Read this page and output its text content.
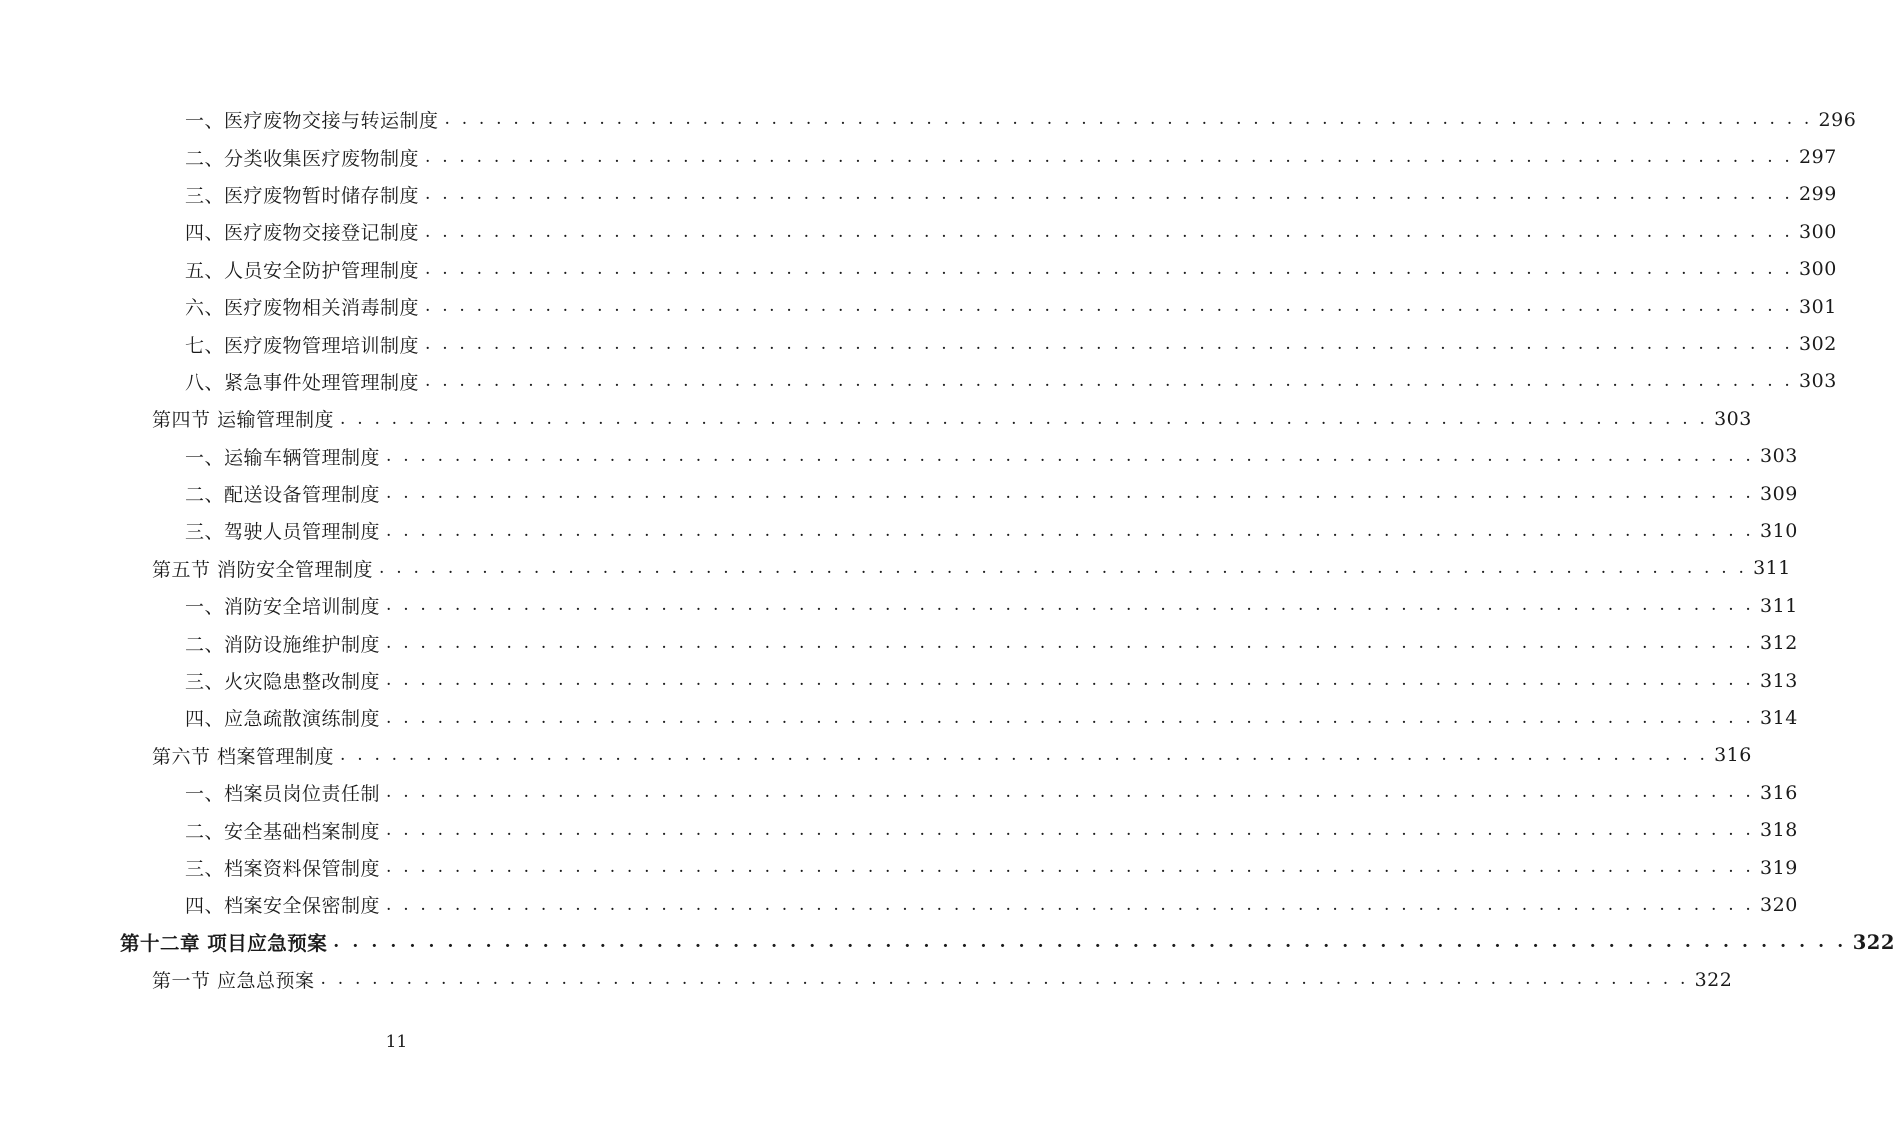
一、医疗废物交接与转运制度 . . . . . . . . . . . . . . . . . . . . . . . . . . . . . . . . . . . . . . . . . . . . . . . . . . . . . . . . . . . . . . . . . . . . . . . . . . . . . . . . 296
二、分类收集医疗废物制度 . . . . . . . . . . . . . . . . . . . . . . . . . . . . . . . . . . . . . . . . . . . . . . . . . . . . . . . . . . . . . . . . . . . . . . . . . . . . . . . . 297
三、医疗废物暂时储存制度 . . . . . . . . . . . . . . . . . . . . . . . . . . . . . . . . . . . . . . . . . . . . . . . . . . . . . . . . . . . . . . . . . . . . . . . . . . . . . . . . 299
四、医疗废物交接登记制度 . . . . . . . . . . . . . . . . . . . . . . . . . . . . . . . . . . . . . . . . . . . . . . . . . . . . . . . . . . . . . . . . . . . . . . . . . . . . . . . . 300
五、人员安全防护管理制度 . . . . . . . . . . . . . . . . . . . . . . . . . . . . . . . . . . . . . . . . . . . . . . . . . . . . . . . . . . . . . . . . . . . . . . . . . . . . . . . . 300
六、医疗废物相关消毒制度 . . . . . . . . . . . . . . . . . . . . . . . . . . . . . . . . . . . . . . . . . . . . . . . . . . . . . . . . . . . . . . . . . . . . . . . . . . . . . . . . 301
七、医疗废物管理培训制度 . . . . . . . . . . . . . . . . . . . . . . . . . . . . . . . . . . . . . . . . . . . . . . . . . . . . . . . . . . . . . . . . . . . . . . . . . . . . . . . . 302
八、紧急事件处理管理制度 . . . . . . . . . . . . . . . . . . . . . . . . . . . . . . . . . . . . . . . . . . . . . . . . . . . . . . . . . . . . . . . . . . . . . . . . . . . . . . . . 303
第四节 运输管理制度 . . . . . . . . . . . . . . . . . . . . . . . . . . . . . . . . . . . . . . . . . . . . . . . . . . . . . . . . . . . . . . . . . . . . . . . . . . . . . . . . 303
一、运输车辆管理制度 . . . . . . . . . . . . . . . . . . . . . . . . . . . . . . . . . . . . . . . . . . . . . . . . . . . . . . . . . . . . . . . . . . . . . . . . . . . . . . . . 303
二、配送设备管理制度 . . . . . . . . . . . . . . . . . . . . . . . . . . . . . . . . . . . . . . . . . . . . . . . . . . . . . . . . . . . . . . . . . . . . . . . . . . . . . . . . 309
三、驾驶人员管理制度 . . . . . . . . . . . . . . . . . . . . . . . . . . . . . . . . . . . . . . . . . . . . . . . . . . . . . . . . . . . . . . . . . . . . . . . . . . . . . . . . 310
第五节 消防安全管理制度 . . . . . . . . . . . . . . . . . . . . . . . . . . . . . . . . . . . . . . . . . . . . . . . . . . . . . . . . . . . . . . . . . . . . . . . . . . . . . . . . 311
一、消防安全培训制度 . . . . . . . . . . . . . . . . . . . . . . . . . . . . . . . . . . . . . . . . . . . . . . . . . . . . . . . . . . . . . . . . . . . . . . . . . . . . . . . . 311
二、消防设施维护制度 . . . . . . . . . . . . . . . . . . . . . . . . . . . . . . . . . . . . . . . . . . . . . . . . . . . . . . . . . . . . . . . . . . . . . . . . . . . . . . . . 312
三、火灾隐患整改制度 . . . . . . . . . . . . . . . . . . . . . . . . . . . . . . . . . . . . . . . . . . . . . . . . . . . . . . . . . . . . . . . . . . . . . . . . . . . . . . . . 313
四、应急疏散演练制度 . . . . . . . . . . . . . . . . . . . . . . . . . . . . . . . . . . . . . . . . . . . . . . . . . . . . . . . . . . . . . . . . . . . . . . . . . . . . . . . . 314
第六节 档案管理制度 . . . . . . . . . . . . . . . . . . . . . . . . . . . . . . . . . . . . . . . . . . . . . . . . . . . . . . . . . . . . . . . . . . . . . . . . . . . . . . . . 316
一、档案员岗位责任制 . . . . . . . . . . . . . . . . . . . . . . . . . . . . . . . . . . . . . . . . . . . . . . . . . . . . . . . . . . . . . . . . . . . . . . . . . . . . . . . . 316
二、安全基础档案制度 . . . . . . . . . . . . . . . . . . . . . . . . . . . . . . . . . . . . . . . . . . . . . . . . . . . . . . . . . . . . . . . . . . . . . . . . . . . . . . . . 318
三、档案资料保管制度 . . . . . . . . . . . . . . . . . . . . . . . . . . . . . . . . . . . . . . . . . . . . . . . . . . . . . . . . . . . . . . . . . . . . . . . . . . . . . . . . 319
四、档案安全保密制度 . . . . . . . . . . . . . . . . . . . . . . . . . . . . . . . . . . . . . . . . . . . . . . . . . . . . . . . . . . . . . . . . . . . . . . . . . . . . . . . . 320
第十二章 项目应急预案 . . . . . . . . . . . . . . . . . . . . . . . . . . . . . . . . . . . . . . . . . . . . . . . . . . . . . . . . . . . . . . . . . . . . . . . . . . . . . . . . 322
第一节 应急总预案 . . . . . . . . . . . . . . . . . . . . . . . . . . . . . . . . . . . . . . . . . . . . . . . . . . . . . . . . . . . . . . . . . . . . . . . . . . . . . . . . 322
11
